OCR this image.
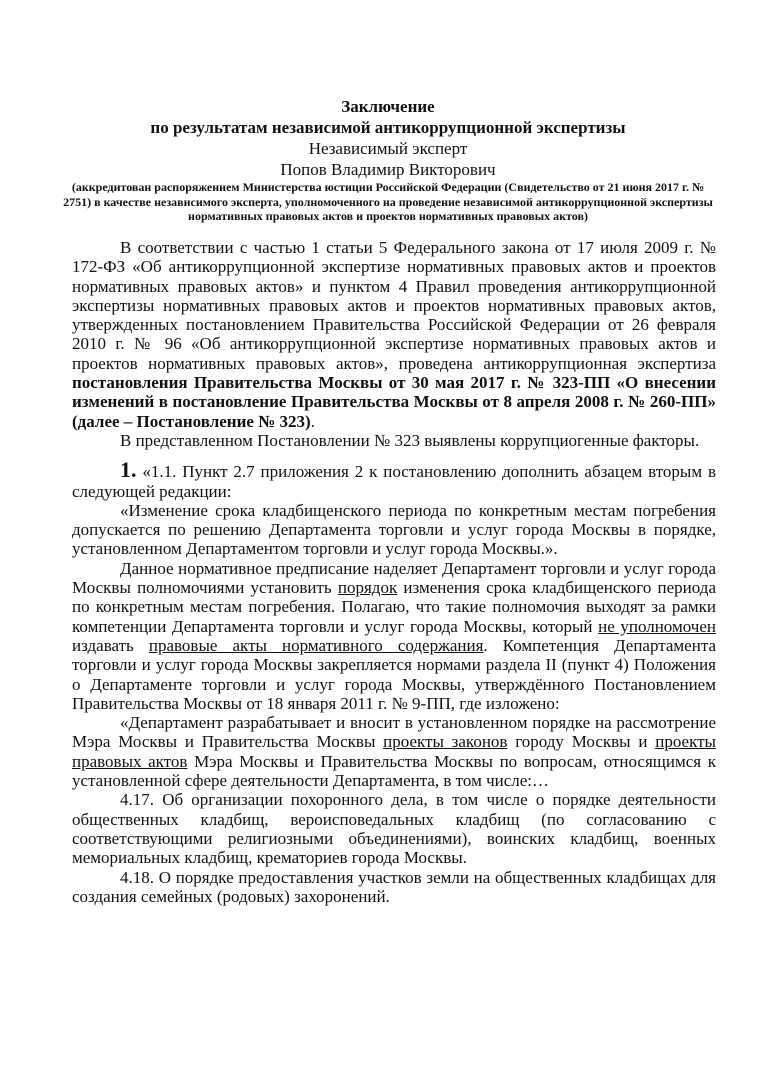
Заключение
по результатам независимой антикоррупционной экспертизы
Независимый эксперт
Попов Владимир Викторович
(аккредитован распоряжением Министерства юстиции Российской Федерации (Свидетельство от 21 июня 2017 г. № 2751) в качестве независимого эксперта, уполномоченного на проведение независимой антикоррупционной экспертизы нормативных правовых актов и проектов нормативных правовых актов)

В соответствии с частью 1 статьи 5 Федерального закона от 17 июля 2009 г. № 172-ФЗ «Об антикоррупционной экспертизе нормативных правовых актов и проектов нормативных правовых актов» и пунктом 4 Правил проведения антикоррупционной экспертизы нормативных правовых актов и проектов нормативных правовых актов, утвержденных постановлением Правительства Российской Федерации от 26 февраля 2010 г. № 96 «Об антикоррупционной экспертизе нормативных правовых актов и проектов нормативных правовых актов», проведена антикоррупционная экспертиза постановления Правительства Москвы от 30 мая 2017 г. № 323-ПП «О внесении изменений в постановление Правительства Москвы от 8 апреля 2008 г. № 260-ПП» (далее – Постановление № 323).

В представленном Постановлении № 323 выявлены коррупциогенные факторы.

1. «1.1. Пункт 2.7 приложения 2 к постановлению дополнить абзацем вторым в следующей редакции:

«Изменение срока кладбищенского периода по конкретным местам погребения допускается по решению Департамента торговли и услуг города Москвы в порядке, установленном Департаментом торговли и услуг города Москвы.».

Данное нормативное предписание наделяет Департамент торговли и услуг города Москвы полномочиями установить порядок изменения срока кладбищенского периода по конкретным местам погребения. Полагаю, что такие полномочия выходят за рамки компетенции Департамента торговли и услуг города Москвы, который не уполномочен издавать правовые акты нормативного содержания. Компетенция Департамента торговли и услуг города Москвы закрепляется нормами раздела II (пункт 4) Положения о Департаменте торговли и услуг города Москвы, утверждённого Постановлением Правительства Москвы от 18 января 2011 г. № 9-ПП, где изложено:

«Департамент разрабатывает и вносит в установленном порядке на рассмотрение Мэра Москвы и Правительства Москвы проекты законов городу Москвы и проекты правовых актов Мэра Москвы и Правительства Москвы по вопросам, относящимся к установленной сфере деятельности Департамента, в том числе:…

4.17. Об организации похоронного дела, в том числе о порядке деятельности общественных кладбищ, вероисповедальных кладбищ (по согласованию с соответствующими религиозными объединениями), воинских кладбищ, военных мемориальных кладбищ, крематориев города Москвы.

4.18. О порядке предоставления участков земли на общественных кладбищах для создания семейных (родовых) захоронений.
